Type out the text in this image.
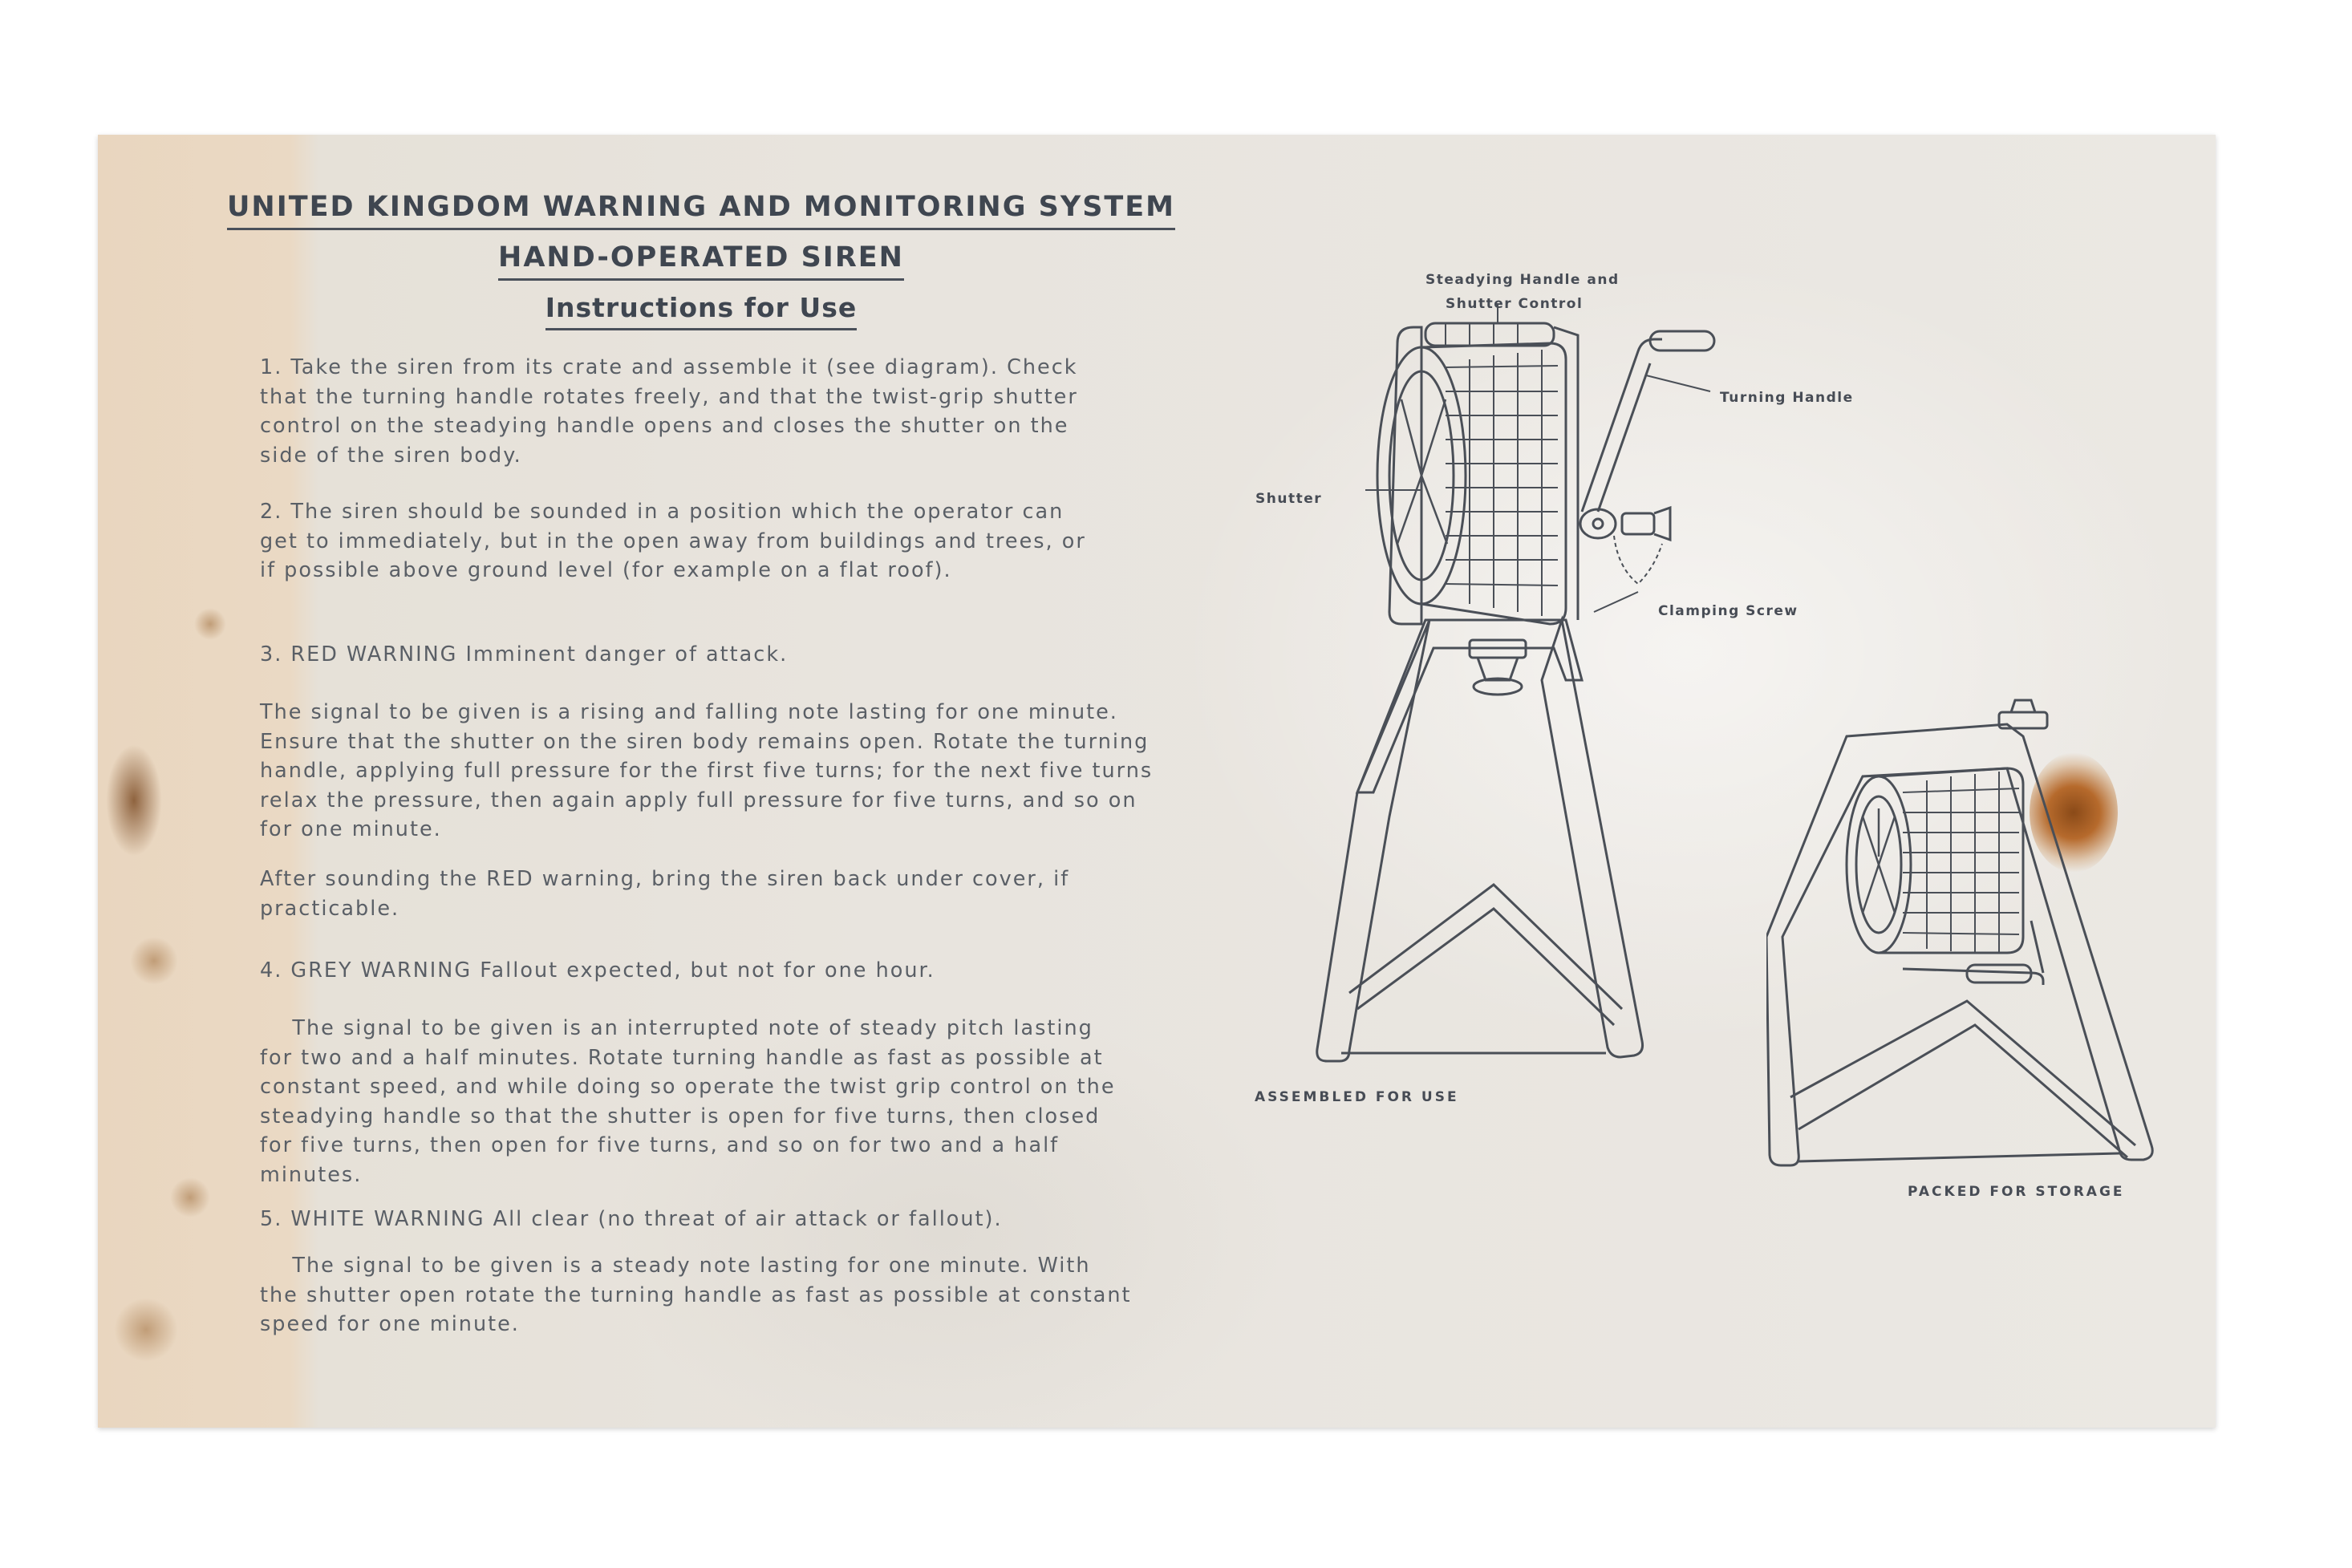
UNITED KINGDOM WARNING AND MONITORING SYSTEM
HAND-OPERATED SIREN
Instructions for Use
1. Take the siren from its crate and assemble it (see diagram). Check
that the turning handle rotates freely, and that the twist-grip shutter
control on the steadying handle opens and closes the shutter on the
side of the siren body.
2. The siren should be sounded in a position which the operator can
get to immediately, but in the open away from buildings and trees, or
if possible above ground level (for example on a flat roof).
3. RED WARNING Imminent danger of attack.
The signal to be given is a rising and falling note lasting for one minute.
Ensure that the shutter on the siren body remains open. Rotate the turning
handle, applying full pressure for the first five turns; for the next five turns
relax the pressure, then again apply full pressure for five turns, and so on
for one minute.
After sounding the RED warning, bring the siren back under cover, if
practicable.
4. GREY WARNING Fallout expected, but not for one hour.
The signal to be given is an interrupted note of steady pitch lasting
for two and a half minutes. Rotate turning handle as fast as possible at
constant speed, and while doing so operate the twist grip control on the
steadying handle so that the shutter is open for five turns, then closed
for five turns, then open for five turns, and so on for two and a half
minutes.
5. WHITE WARNING All clear (no threat of air attack or fallout).
The signal to be given is a steady note lasting for one minute. With
the shutter open rotate the turning handle as fast as possible at constant
speed for one minute.
Steadying Handle and
Shutter Control
Turning Handle
Shutter
Clamping Screw
ASSEMBLED FOR USE
PACKED FOR STORAGE
